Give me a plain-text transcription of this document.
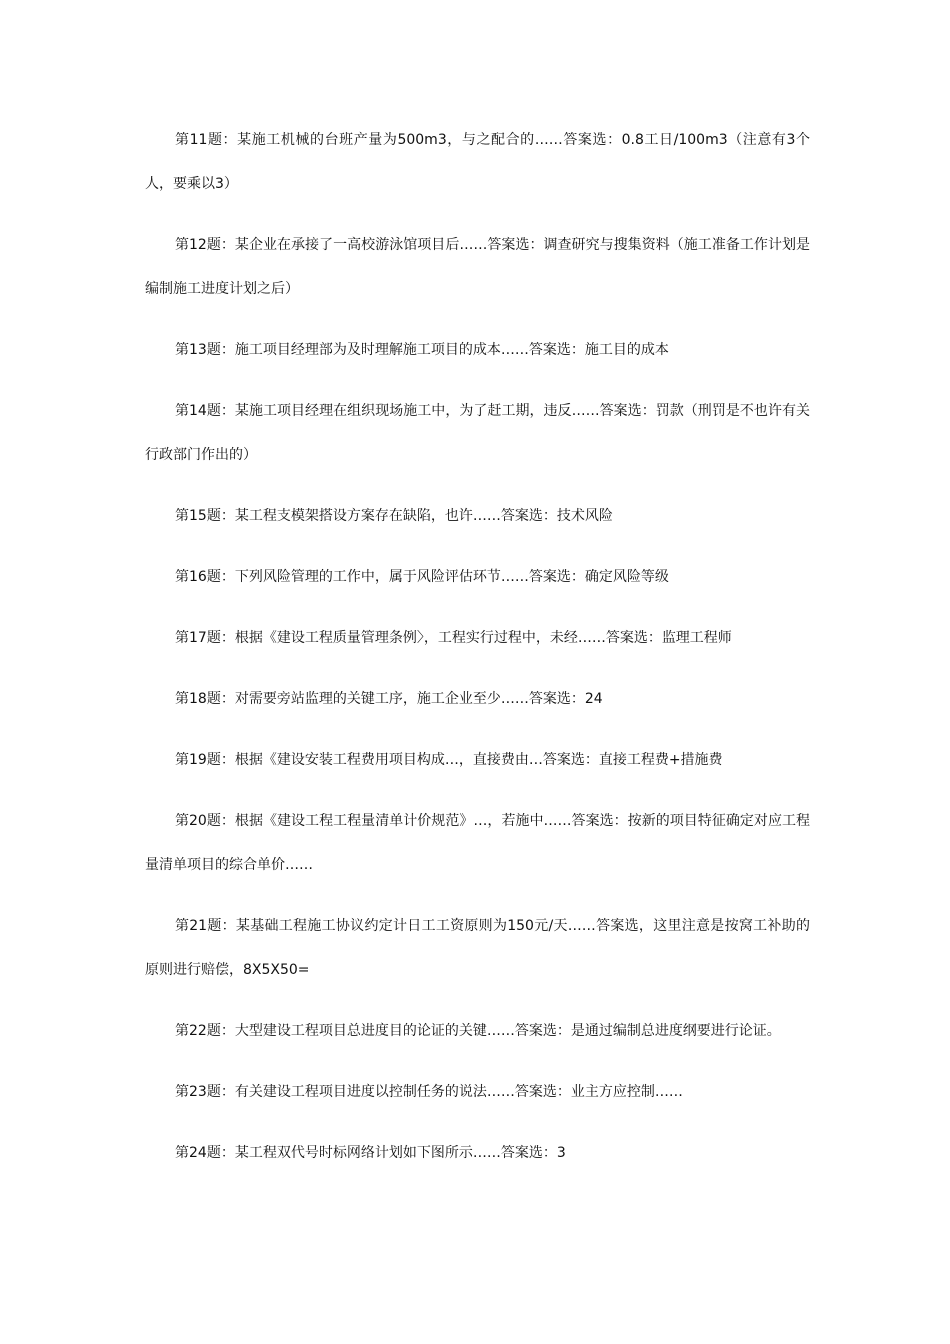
第11题：某施工机械的台班产量为500m3，与之配合的……答案选：0.8工日/100m3（注意有3个人，要乘以3）

第12题：某企业在承接了一高校游泳馆项目后……答案选：调查研究与搜集资料（施工准备工作计划是编制施工进度计划之后）

第13题：施工项目经理部为及时理解施工项目的成本……答案选：施工目的成本

第14题：某施工项目经理在组织现场施工中，为了赶工期，违反……答案选：罚款（刑罚是不也许有关行政部门作出的）

第15题：某工程支模架搭设方案存在缺陷，也许……答案选：技术风险

第16题：下列风险管理的工作中，属于风险评估环节……答案选：确定风险等级

第17题：根据《建设工程质量管理条例〉，工程实行过程中，未经……答案选：监理工程师

第18题：对需要旁站监理的关键工序，施工企业至少……答案选：24

第19题：根据《建设安装工程费用项目构成…，直接费由…答案选：直接工程费+措施费

第20题：根据《建设工程工程量清单计价规范》…，若施中……答案选：按新的项目特征确定对应工程量清单项目的综合单价……

第21题：某基础工程施工协议约定计日工工资原则为150元/天……答案选，这里注意是按窝工补助的原则进行赔偿，8X5X50=

第22题：大型建设工程项目总进度目的论证的关键……答案选：是通过编制总进度纲要进行论证。

第23题：有关建设工程项目进度以控制任务的说法……答案选：业主方应控制……

第24题：某工程双代号时标网络计划如下图所示……答案选：3
